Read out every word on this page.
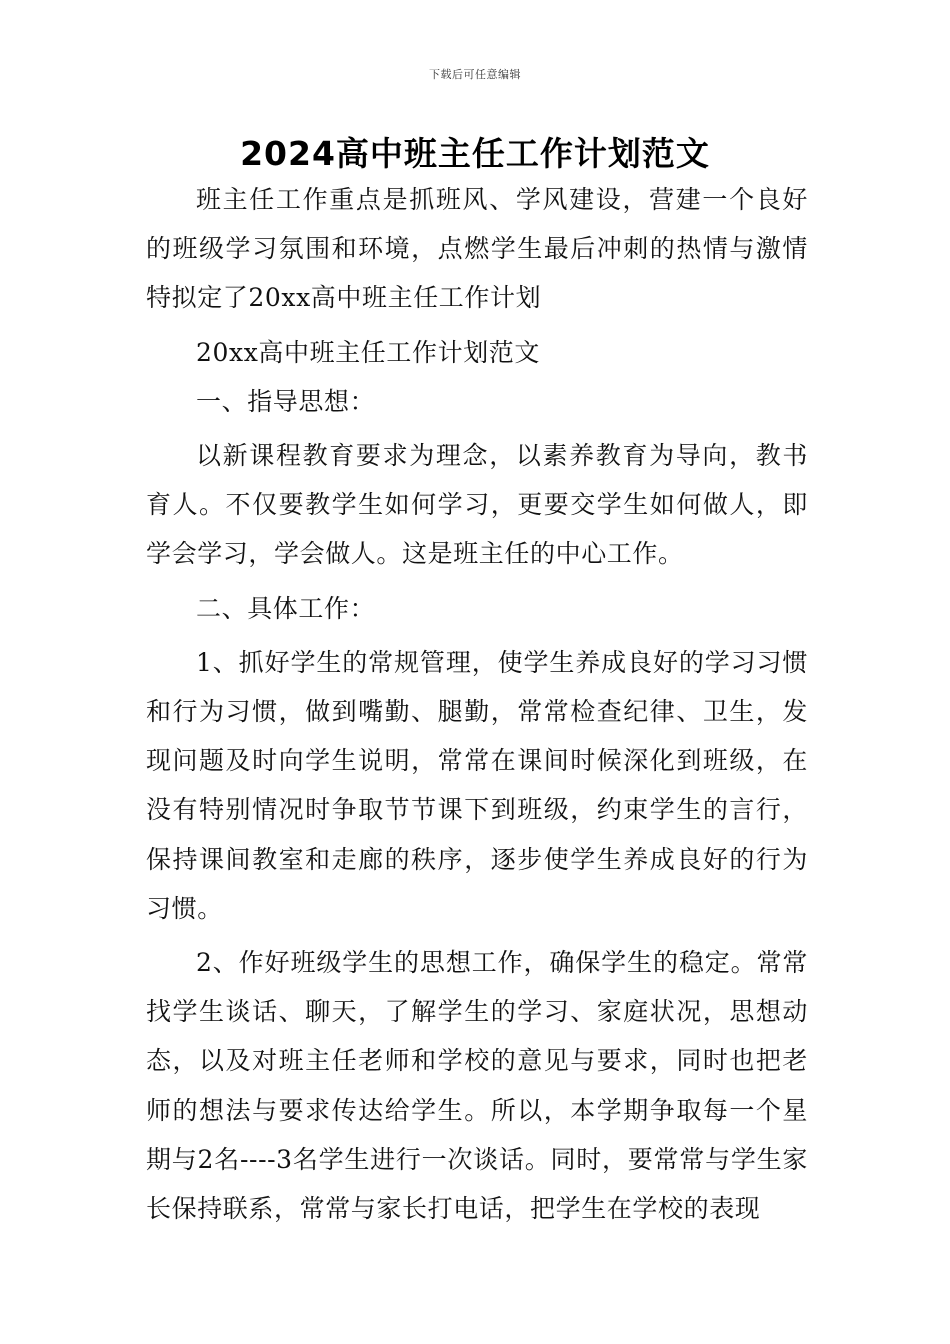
下载后可任意编辑
2024高中班主任工作计划范文

班主任工作重点是抓班风、学风建设，营建一个良好的班级学习氛围和环境，点燃学生最后冲刺的热情与激情特拟定了20xx高中班主任工作计划

20xx高中班主任工作计划范文

一、指导思想：

以新课程教育要求为理念，以素养教育为导向，教书育人。不仅要教学生如何学习，更要交学生如何做人，即学会学习，学会做人。这是班主任的中心工作。

二、具体工作：

1、抓好学生的常规管理，使学生养成良好的学习习惯和行为习惯，做到嘴勤、腿勤，常常检查纪律、卫生，发现问题及时向学生说明，常常在课间时候深化到班级，在没有特别情况时争取节节课下到班级，约束学生的言行，保持课间教室和走廊的秩序，逐步使学生养成良好的行为习惯。

2、作好班级学生的思想工作，确保学生的稳定。常常找学生谈话、聊天，了解学生的学习、家庭状况，思想动态，以及对班主任老师和学校的意见与要求，同时也把老师的想法与要求传达给学生。所以，本学期争取每一个星期与2名----3名学生进行一次谈话。同时，要常常与学生家长保持联系，常常与家长打电话，把学生在学校的表现
